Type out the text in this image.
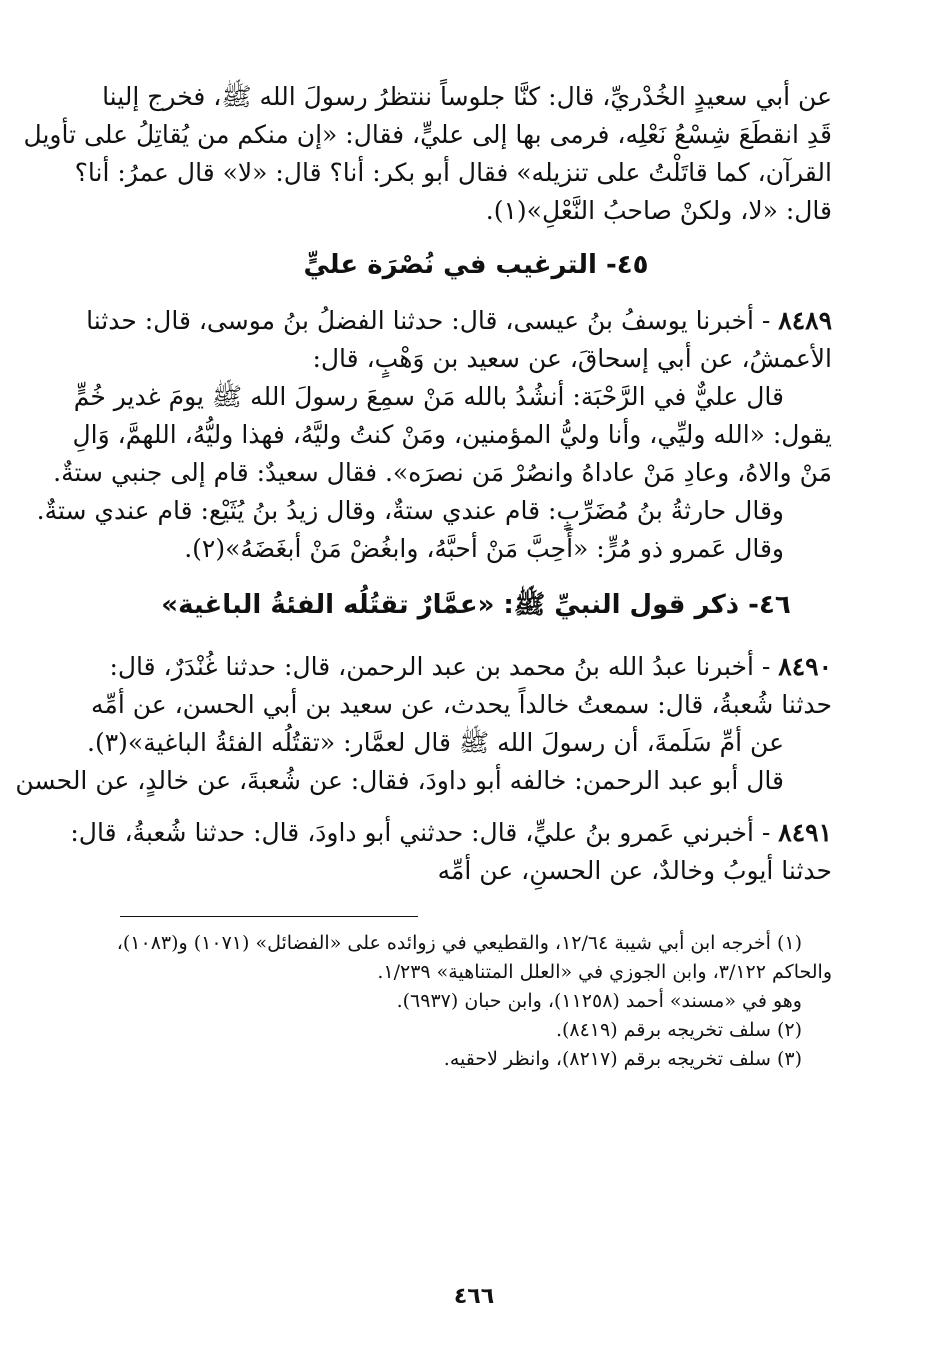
عن أبي سعيدٍ الخُدْريِّ، قال: كنَّا جلوساً ننتظرُ رسولَ الله ﷺ، فخرج إلينا

قَدِ انقطَعَ شِسْعُ نَعْلِه، فرمى بها إلى عليٍّ، فقال: «إن منكم من يُقاتِلُ على تأويل

القرآن، كما قاتَلْتُ على تنزيله» فقال أبو بكر: أنا؟ قال: «لا» قال عمرُ: أنا؟

قال: «لا، ولكنْ صاحبُ النَّعْلِ»(١).

٤٥- الترغيب في نُصْرَة عليٍّ

٨٤٨٩ - أخبرنا يوسفُ بنُ عيسى، قال: حدثنا الفضلُ بنُ موسى، قال: حدثنا

الأعمشُ، عن أبي إسحاقَ، عن سعيد بن وَهْبٍ، قال:

قال عليٌّ في الرَّحْبَة: أنشُدُ بالله مَنْ سمِعَ رسولَ الله ﷺ يومَ غدير خُمٍّ

يقول: «الله وليِّي، وأنا وليُّ المؤمنين، ومَنْ كنتُ وليَّهُ، فهذا وليُّهُ، اللهمَّ، وَالِ

مَنْ والاهُ، وعادِ مَنْ عاداهُ وانصُرْ مَن نصرَه». فقال سعيدٌ: قام إلى جنبي ستةٌ.

وقال حارثةُ بنُ مُضَرِّبٍ: قام عندي ستةٌ، وقال زيدُ بنُ يُثَيْع: قام عندي ستةٌ.

وقال عَمرو ذو مُرٍّ: «أَحِبَّ مَنْ أحبَّهُ، وابغُضْ مَنْ أبغَضَهُ»(٢).

٤٦- ذكر قول النبيِّ ﷺ: «عمَّارٌ تقتُلُه الفئةُ الباغية»

٨٤٩٠ - أخبرنا عبدُ الله بنُ محمد بن عبد الرحمن، قال: حدثنا غُنْدَرٌ، قال:

حدثنا شُعبةُ، قال: سمعتُ خالداً يحدث، عن سعيد بن أبي الحسن، عن أمِّه

عن أمِّ سَلَمةَ، أن رسولَ الله ﷺ قال لعمَّار: «تقتُلُه الفئةُ الباغية»(٣).

قال أبو عبد الرحمن: خالفه أبو داودَ، فقال: عن شُعبةَ، عن خالدٍ، عن الحسن

٨٤٩١ - أخبرني عَمرو بنُ عليٍّ، قال: حدثني أبو داودَ، قال: حدثنا شُعبةُ، قال:

حدثنا أيوبُ وخالدٌ، عن الحسنِ، عن أمِّه

(١) أخرجه ابن أبي شيبة ١٢/٦٤، والقطيعي في زوائده على «الفضائل» (١٠٧١) و(١٠٨٣)،

والحاكم ٣/١٢٢، وابن الجوزي في «العلل المتناهية» ١/٢٣٩.

وهو في «مسند» أحمد (١١٢٥٨)، وابن حبان (٦٩٣٧).

(٢) سلف تخريجه برقم (٨٤١٩).

(٣) سلف تخريجه برقم (٨٢١٧)، وانظر لاحقيه.

٤٦٦
